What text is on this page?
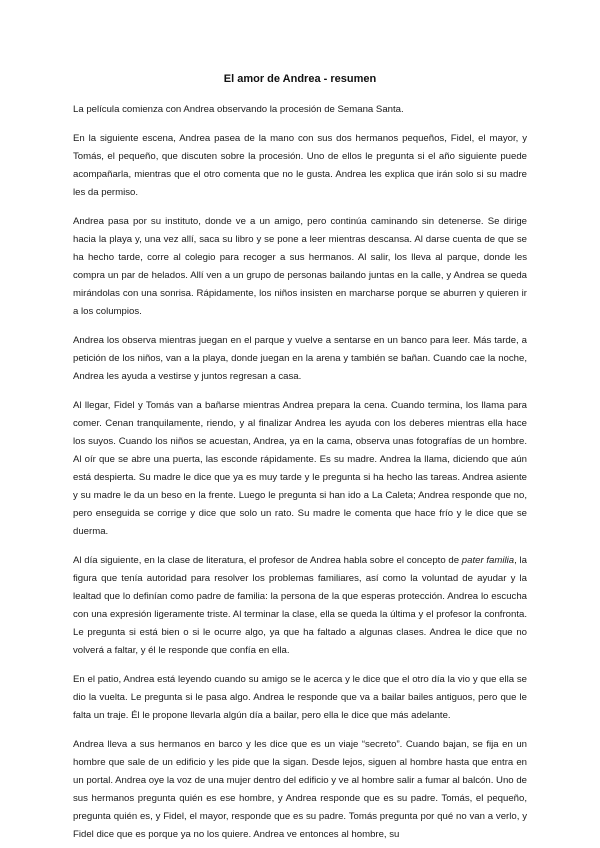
El amor de Andrea - resumen

La película comienza con Andrea observando la procesión de Semana Santa.

En la siguiente escena, Andrea pasea de la mano con sus dos hermanos pequeños, Fidel, el mayor, y Tomás, el pequeño, que discuten sobre la procesión. Uno de ellos le pregunta si el año siguiente puede acompañarla, mientras que el otro comenta que no le gusta. Andrea les explica que irán solo si su madre les da permiso.

Andrea pasa por su instituto, donde ve a un amigo, pero continúa caminando sin detenerse. Se dirige hacia la playa y, una vez allí, saca su libro y se pone a leer mientras descansa. Al darse cuenta de que se ha hecho tarde, corre al colegio para recoger a sus hermanos. Al salir, los lleva al parque, donde les compra un par de helados. Allí ven a un grupo de personas bailando juntas en la calle, y Andrea se queda mirándolas con una sonrisa. Rápidamente, los niños insisten en marcharse porque se aburren y quieren ir a los columpios.

Andrea los observa mientras juegan en el parque y vuelve a sentarse en un banco para leer. Más tarde, a petición de los niños, van a la playa, donde juegan en la arena y también se bañan. Cuando cae la noche, Andrea les ayuda a vestirse y juntos regresan a casa.

Al llegar, Fidel y Tomás van a bañarse mientras Andrea prepara la cena. Cuando termina, los llama para comer. Cenan tranquilamente, riendo, y al finalizar Andrea les ayuda con los deberes mientras ella hace los suyos. Cuando los niños se acuestan, Andrea, ya en la cama, observa unas fotografías de un hombre. Al oír que se abre una puerta, las esconde rápidamente. Es su madre. Andrea la llama, diciendo que aún está despierta. Su madre le dice que ya es muy tarde y le pregunta si ha hecho las tareas. Andrea asiente y su madre le da un beso en la frente. Luego le pregunta si han ido a La Caleta; Andrea responde que no, pero enseguida se corrige y dice que solo un rato. Su madre le comenta que hace frío y le dice que se duerma.

Al día siguiente, en la clase de literatura, el profesor de Andrea habla sobre el concepto de pater familia, la figura que tenía autoridad para resolver los problemas familiares, así como la voluntad de ayudar y la lealtad que lo definían como padre de familia: la persona de la que esperas protección. Andrea lo escucha con una expresión ligeramente triste. Al terminar la clase, ella se queda la última y el profesor la confronta. Le pregunta si está bien o si le ocurre algo, ya que ha faltado a algunas clases. Andrea le dice que no volverá a faltar, y él le responde que confía en ella.

En el patio, Andrea está leyendo cuando su amigo se le acerca y le dice que el otro día la vio y que ella se dio la vuelta. Le pregunta si le pasa algo. Andrea le responde que va a bailar bailes antiguos, pero que le falta un traje. Él le propone llevarla algún día a bailar, pero ella le dice que más adelante.

Andrea lleva a sus hermanos en barco y les dice que es un viaje “secreto”. Cuando bajan, se fija en un hombre que sale de un edificio y les pide que la sigan. Desde lejos, siguen al hombre hasta que entra en un portal. Andrea oye la voz de una mujer dentro del edificio y ve al hombre salir a fumar al balcón. Uno de sus hermanos pregunta quién es ese hombre, y Andrea responde que es su padre. Tomás, el pequeño, pregunta quién es, y Fidel, el mayor, responde que es su padre. Tomás pregunta por qué no van a verlo, y Fidel dice que es porque ya no los quiere. Andrea ve entonces al hombre, su
